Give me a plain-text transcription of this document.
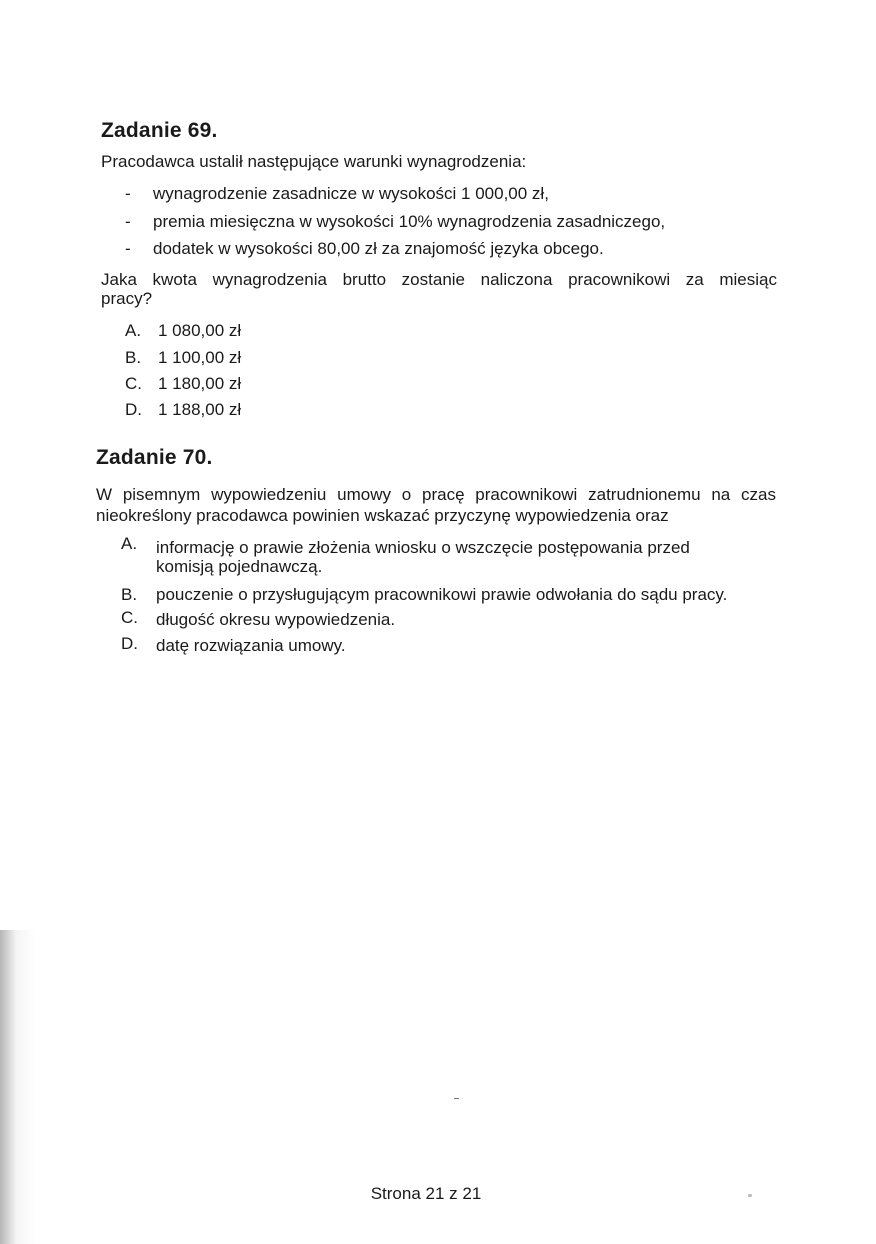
Zadanie 69.

Pracodawca ustalił następujące warunki wynagrodzenia:

- wynagrodzenie zasadnicze w wysokości 1 000,00 zł,
- premia miesięczna w wysokości 10% wynagrodzenia zasadniczego,
- dodatek w wysokości 80,00 zł za znajomość języka obcego.
Jaka kwota wynagrodzenia brutto zostanie naliczona pracownikowi za miesiąc
pracy?
A. 1 080,00 zł
B. 1 100,00 zł
C. 1 180,00 zł
D. 1 188,00 zł
Zadanie 70.
W pisemnym wypowiedzeniu umowy o pracę pracownikowi zatrudnionemu na czas
nieokreślony pracodawca powinien wskazać przyczynę wypowiedzenia oraz
A. informację o prawie złożenia wniosku o wszczęcie postępowania przed
komisją pojednawczą.
B. pouczenie o przysługującym pracownikowi prawie odwołania do sądu pracy.
C. długość okresu wypowiedzenia.
D. datę rozwiązania umowy.
Strona 21 z 21
